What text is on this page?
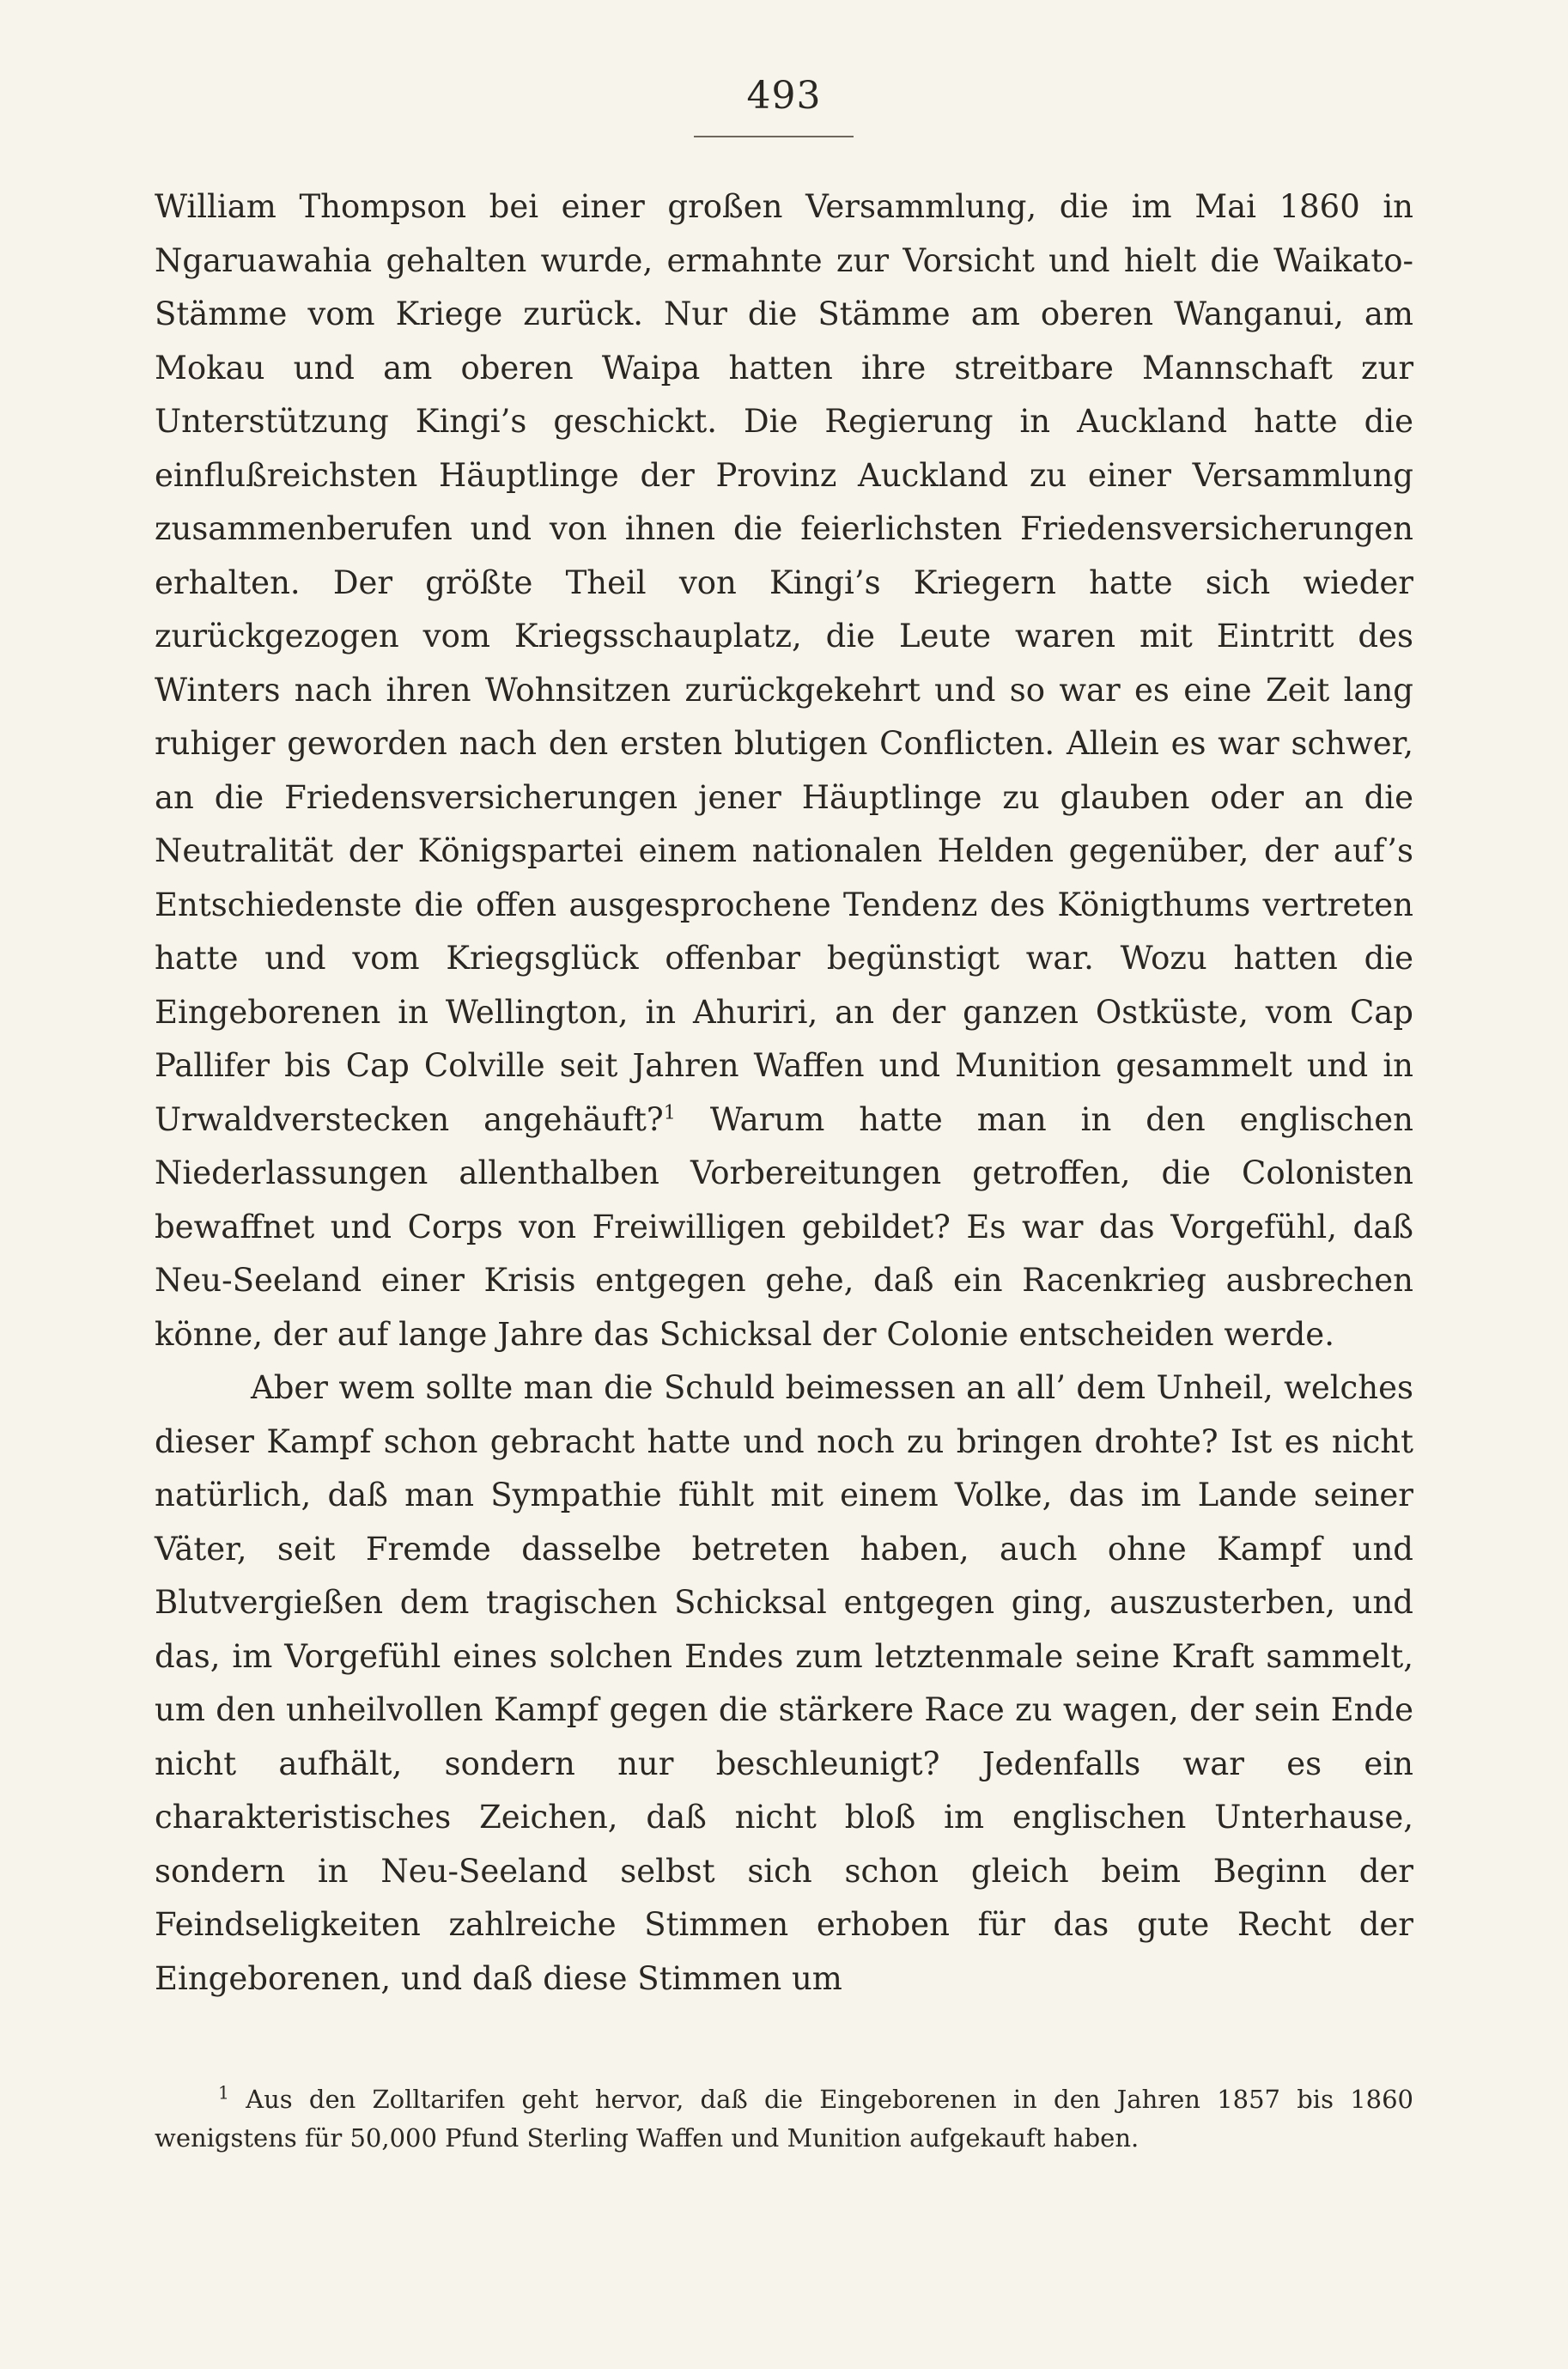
493

William Thompson bei einer großen Versammlung, die im Mai 1860 in Ngaruawahia gehalten wurde, ermahnte zur Vorsicht und hielt die Waikato-Stämme vom Kriege zurück. Nur die Stämme am oberen Wanganui, am Mokau und am oberen Waipa hatten ihre streitbare Mannschaft zur Unterstützung Kingi’s geschickt. Die Regierung in Auckland hatte die einflußreichsten Häuptlinge der Provinz Auckland zu einer Versammlung zusammenberufen und von ihnen die feierlichsten Friedensversicherungen erhalten. Der größte Theil von Kingi’s Kriegern hatte sich wieder zurückgezogen vom Kriegsschauplatz, die Leute waren mit Eintritt des Winters nach ihren Wohnsitzen zurückgekehrt und so war es eine Zeit lang ruhiger geworden nach den ersten blutigen Conflicten. Allein es war schwer, an die Friedensversicherungen jener Häuptlinge zu glauben oder an die Neutralität der Königspartei einem nationalen Helden gegenüber, der auf’s Entschiedenste die offen ausgesprochene Tendenz des Königthums vertreten hatte und vom Kriegsglück offenbar begünstigt war. Wozu hatten die Eingeborenen in Wellington, in Ahuriri, an der ganzen Ostküste, vom Cap Pallifer bis Cap Colville seit Jahren Waffen und Munition gesammelt und in Urwaldverstecken angehäuft?$^1$ Warum hatte man in den englischen Niederlassungen allenthalben Vorbereitungen getroffen, die Colonisten bewaffnet und Corps von Freiwilligen gebildet? Es war das Vorgefühl, daß Neu-Seeland einer Krisis entgegen gehe, daß ein Racenkrieg ausbrechen könne, der auf lange Jahre das Schicksal der Colonie entscheiden werde.

Aber wem sollte man die Schuld beimessen an all’ dem Unheil, welches dieser Kampf schon gebracht hatte und noch zu bringen drohte? Ist es nicht natürlich, daß man Sympathie fühlt mit einem Volke, das im Lande seiner Väter, seit Fremde dasselbe betreten haben, auch ohne Kampf und Blutvergießen dem tragischen Schicksal entgegen ging, auszusterben, und das, im Vorgefühl eines solchen Endes zum letztenmale seine Kraft sammelt, um den unheilvollen Kampf gegen die stärkere Race zu wagen, der sein Ende nicht aufhält, sondern nur beschleunigt? Jedenfalls war es ein charakteristisches Zeichen, daß nicht bloß im englischen Unterhause, sondern in Neu-Seeland selbst sich schon gleich beim Beginn der Feindseligkeiten zahlreiche Stimmen erhoben für das gute Recht der Eingeborenen, und daß diese Stimmen um

$^1$ Aus den Zolltarifen geht hervor, daß die Eingeborenen in den Jahren 1857 bis 1860 wenigstens für 50,000 Pfund Sterling Waffen und Munition aufgekauft haben.
